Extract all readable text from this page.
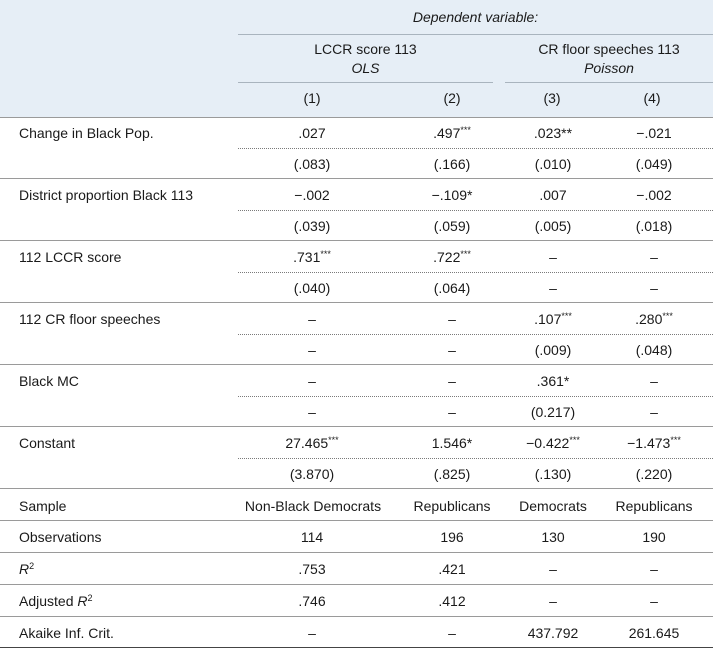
Dependent variable:
LCCR score 113
OLS
CR floor speeches 113
Poisson
(1)	(2)	(3)	(4)
Change in Black Pop.	.027	.497***	.023**	−.021
(.083)	(.166)	(.010)	(.049)
District proportion Black 113	−.002	−.109*	.007	−.002
(.039)	(.059)	(.005)	(.018)
112 LCCR score	.731***	.722***	–	–
(.040)	(.064)	–	–
112 CR floor speeches	–	–	.107***	.280***
–	–	(.009)	(.048)
Black MC	–	–	.361*	–
–	–	(0.217)	–
Constant	27.465***	1.546*	−0.422***	−1.473***
(3.870)	(.825)	(.130)	(.220)
Sample	Non-Black Democrats	Republicans	Democrats	Republicans
Observations	114	196	130	190
$R^2$	.753	.421	–	–
Adjusted $R^2$	.746	.412	–	–
Akaike Inf. Crit.	–	–	437.792	261.645
